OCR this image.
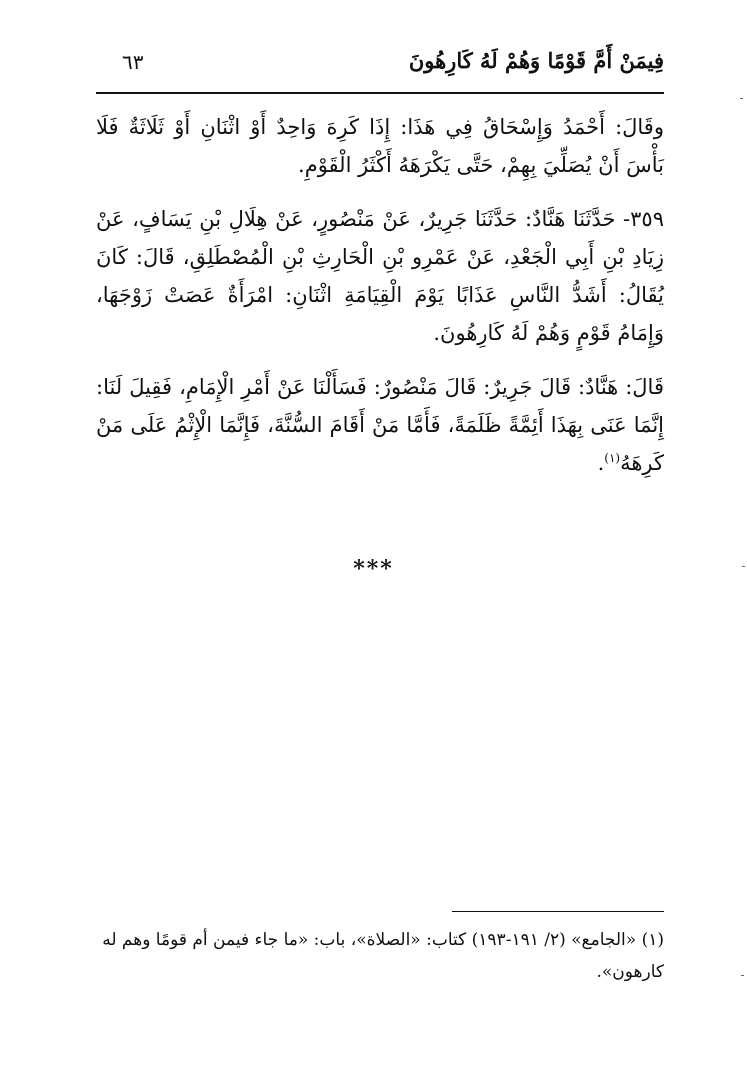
فِيمَنْ أَمَّ قَوْمًا وَهُمْ لَهُ كَارِهُونَ
٦٣

وقَالَ: أَحْمَدُ وَإِسْحَاقُ فِي هَذَا: إِذَا كَرِهَ وَاحِدٌ أَوْ اثْنَانِ أَوْ ثَلَاثَةٌ فَلَا بَأْسَ أَنْ يُصَلِّيَ بِهِمْ، حَتَّى يَكْرَهَهُ أَكْثَرُ الْقَوْمِ.

٣٥٩- حَدَّثَنَا هَنَّادٌ: حَدَّثَنَا جَرِيرٌ، عَنْ مَنْصُورٍ، عَنْ هِلَالِ بْنِ يَسَافٍ، عَنْ زِيَادِ بْنِ أَبِي الْجَعْدِ، عَنْ عَمْرِو بْنِ الْحَارِثِ بْنِ الْمُصْطَلِقِ، قَالَ: كَانَ يُقَالُ: أَشَدُّ النَّاسِ عَذَابًا يَوْمَ الْقِيَامَةِ اثْنَانِ: امْرَأَةٌ عَصَتْ زَوْجَهَا، وَإِمَامُ قَوْمٍ وَهُمْ لَهُ كَارِهُونَ.

قَالَ: هَنَّادٌ: قَالَ جَرِيرٌ: قَالَ مَنْصُورٌ: فَسَأَلْنَا عَنْ أَمْرِ الْإِمَامِ، فَقِيلَ لَنَا: إِنَّمَا عَنَى بِهَذَا أَئِمَّةً ظَلَمَةً، فَأَمَّا مَنْ أَقَامَ السُّنَّةَ، فَإِنَّمَا الْإِثْمُ عَلَى مَنْ كَرِهَهُ$^{(١)}$.

***
(١) «الجامع» (٢/ ١٩١-١٩٣) كتاب: «الصلاة»، باب: «ما جاء فيمن أم قومًا وهم له كارهون».
